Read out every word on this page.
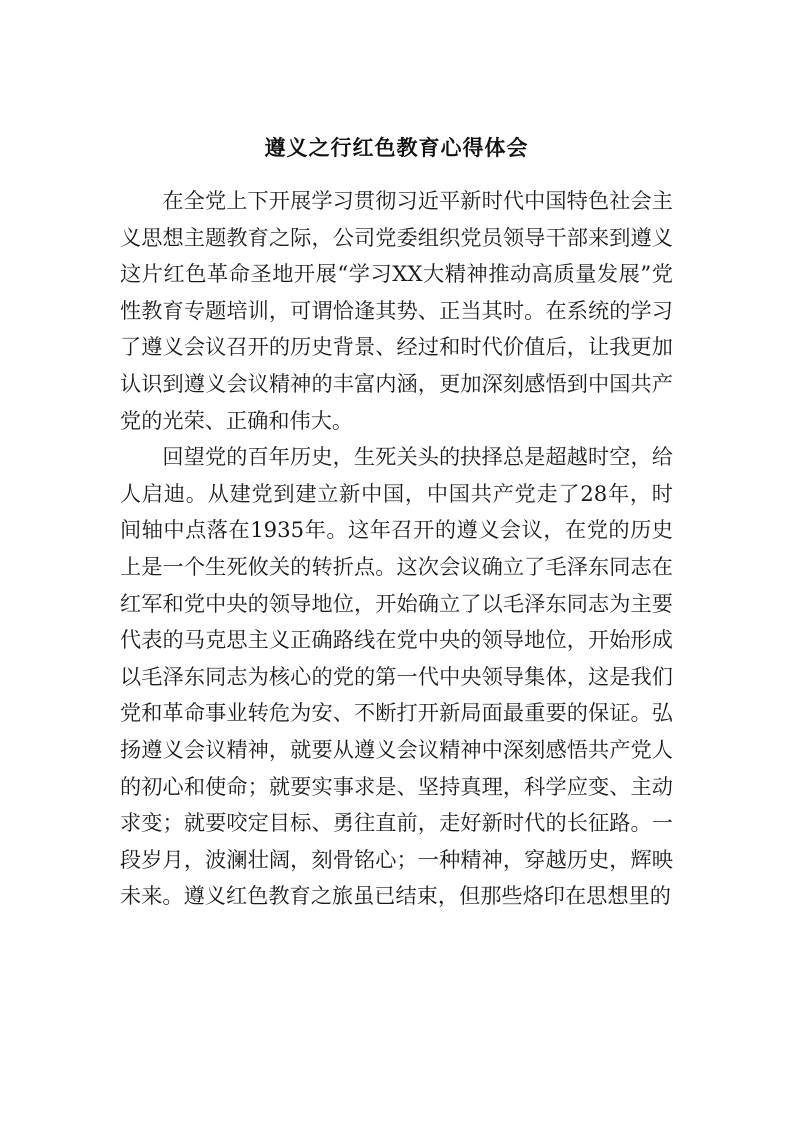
遵义之行红色教育心得体会

在全党上下开展学习贯彻习近平新时代中国特色社会主义思想主题教育之际，公司党委组织党员领导干部来到遵义这片红色革命圣地开展“学习XX大精神推动高质量发展”党性教育专题培训，可谓恰逢其势、正当其时。在系统的学习了遵义会议召开的历史背景、经过和时代价值后，让我更加认识到遵义会议精神的丰富内涵，更加深刻感悟到中国共产党的光荣、正确和伟大。

回望党的百年历史，生死关头的抉择总是超越时空，给人启迪。从建党到建立新中国，中国共产党走了28年，时间轴中点落在1935年。这年召开的遵义会议，在党的历史上是一个生死攸关的转折点。这次会议确立了毛泽东同志在红军和党中央的领导地位，开始确立了以毛泽东同志为主要代表的马克思主义正确路线在党中央的领导地位，开始形成以毛泽东同志为核心的党的第一代中央领导集体，这是我们党和革命事业转危为安、不断打开新局面最重要的保证。弘扬遵义会议精神，就要从遵义会议精神中深刻感悟共产党人的初心和使命；就要实事求是、坚持真理，科学应变、主动求变；就要咬定目标、勇往直前，走好新时代的长征路。一段岁月，波澜壮阔，刻骨铭心；一种精神，穿越历史，辉映未来。遵义红色教育之旅虽已结束，但那些烙印在思想里的
